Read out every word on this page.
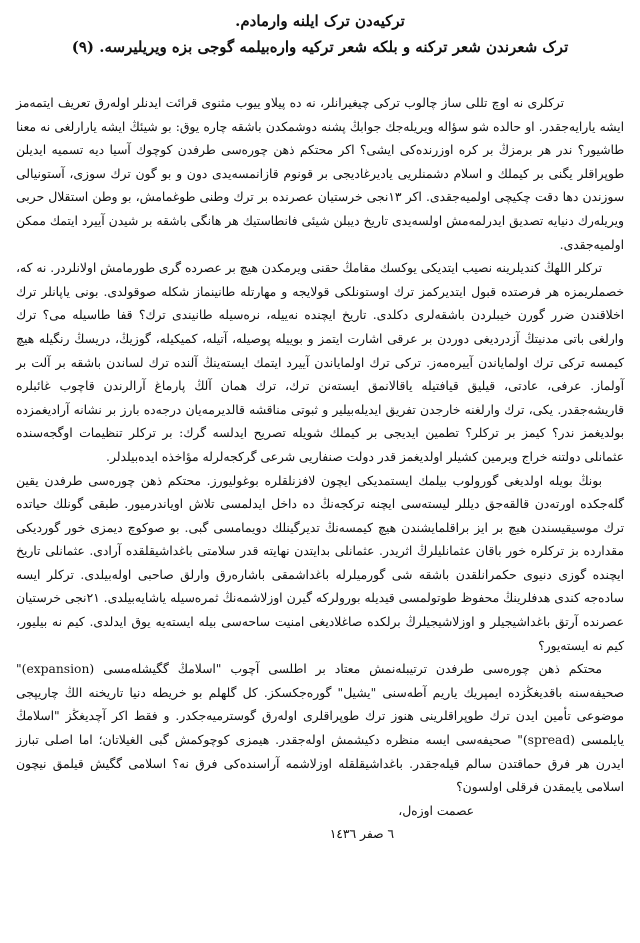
ترکیه‌دن ترک ایلنه وارمادم.
ترک شعرندن شعر ترکنه و بلکه شعر ترکیه وارە‌بیلمه گوجی بزه ویریلیرسه. (۹)

ترکلری نه اوچ تللی ساز چالوب ترکی چیغیرانلر، نه ده پیلاو ییوب مثنوی قرائت ایدنلر اولەرق تعریف ایتمه‌مز ایشه یارایه‌جقدر. او حالده شو سؤاله ویریله‌جك جوابڭ پشنه دوشمکدن باشقه چاره یوق: بو شیئڭ ایشه یارارلغی نه معنا طاشیور؟ ندر هر برمزڭ بر کره اوزرنده‌کی ایشی؟ اکر محتکم ذهن چوره‌سی طرفدن کوچوك آسیا دیه تسمیه ایدیلن طوپراقلر یگنی بر کیملك و اسلام دشمنلریی یادیرغادیجی بر قونوم قازانمسه‌یدی دون و بو گون ترك سوزی، آستونیالی سوزندن دها دقت چکیچی اولمیه‌جقدی. اکر ۱۳نجی خرستیان عصرنده بر ترك وطنی طوغمامش، بو وطن استقلال حربی ویریله‌رك دنیایه تصدیق ایدرلمه‌مش اولسه‌یدی تاریخ دیبلن شیئی فانطاستیك هر هانگی باشقه بر شیدن آییرد ایتمك ممکن اولمیه‌جقدی.

ترکلر اللهڭ کندیلرینه نصیب ایتدیکی یوکسك مقامڭ حقنی ویرمکدن هیچ بر عصرده گری طورمامش اولانلردر. نه که، خصملریمزه هر فرصتده قبول ایتدیرکمز ترك اوستونلکی قولایجه و مهارتله طانینماز شکله صوقولدی. بونی یاپانلر ترك اخلاقندن ضرر گورن خیبلردن باشقەلری دکلدی. تاریخ ایچنده نه‌ییله، نره‌سیله طانیندی ترك؟ قفا طاسیله می؟ ترك وارلغی باتی مدنیتڭ آزدردیغی دوردن بر عرقی اشارت ایتمز و بوییله پوصیله، آتیله، کمیکیله، گوزیڭ، دریسڭ رنگیله هیچ کیمسه ترکی ترك اولمایاندن آییره‌مەز. ترکی ترك اولمایاندن آییرد ایتمك ایسته‌ینڭ آلنده ترك لساندن باشقه بر آلت بر آولماز. عرفی، عادتی، قیلیق قیافتیله یاقالانمق ایسته‌نن ترك، ترك همان آلڭ پارماغ آرالرندن قاچوب غائبلره قاریشه‌جقدر. یکی، ترك وارلغنه خارجدن تفریق ایدیله‌بیلیر و ثبوتی مناقشه قالدیرمه‌یان درجه‌ده بارز بر نشانه آرادیغمزده بولدیغمز ندر؟ کیمز بر ترکلر؟ تطمین ایدیجی بر کیملك شویله تصریح ایدلسه گرك: بر ترکلر تنظیمات اوگجه‌سنده عثمانلی دولتنه خراج ویرمین کشیلر اولدیغمز قدر دولت صنفاریی شرعی گرکجه‌لرله مؤاخذه ایده‌بیلدلر.

بونڭ بویله اولدیغی گورولوب بیلمك ایستمدیکی ایچون لافزنلقلره بوغولیورز. محتکم ذهن چوره‌سی طرفدن یقین گله‌جکده اورته‌دن قالقه‌جق دیللر لیسته‌سی ایچنه ترکجه‌نڭ ده داخل ایدلمسی تلاش اویاندرمیور. طبقی گونلك حیاتده ترك موسیقیسندن هیچ بر ایز براقلمایشندن هیچ کیمسه‌نڭ تدیرگینلك دویمامسی گبی. بو صوكوچ دیمزی خور گوردیکی مقدارده بز ترکلره خور باقان عثمانلیلرڭ اثریدر. عثمانلی بدایتدن نهایته قدر سلامتی باغداشیقلقده آرادی. عثمانلی تاریخ ایچنده گوزی دنیوی حکمرانلقدن باشقه شی گورمیلرله باغداشمقی باشاره‌رق وارلق صاحبی اوله‌بیلدی. ترکلر ایسه ساده‌جه کندی هدفلرینڭ محفوظ طوتولمسی قیدیله بورولرکه گیرن اوزلاشمه‌نڭ ثمره‌سیله یاشایه‌بیلدی. ۲۱نجی خرستیان عصرنده آرتق باغداشیجیلر و اوزلاشیجیلرڭ برلکده صاغلادیغی امنیت ساحه‌سی بیله ایسته‌یه یوق ایدلدی. کیم نه بیلیور، کیم نه ایسته‌یور؟

محتکم ذهن چوره‌سی طرفدن ترتیبله‌نمش معتاد بر اطلسی آچوب "اسلامڭ گگیشلەمسی (expansion)" صحیفه‌سنه باقدیغڭزده ایمپریك یاریم آطه‌سنی "یشیل" گوره‌جکسکز. کل گلهلم بو خریطه دنیا تاریخنه الڭ چاریپجی موضوعی تأمین ایدن ترك طوپراقلرینی هنوز ترك طوپراقلری اولەرق گوسترمیه‌جکدر. و فقط اکر آچدیغڭز "اسلامڭ یایلمسی (spread)" صحیفه‌سی ایسه منظره دکیشمش اوله‌جقدر. هیمزی کوچوکمش گبی الغیلاتان؛ اما اصلی تبارز ایدرن هر فرق حماقتدن سالم قیله‌جقدر. باغداشیقلقله اوزلاشمه آراسنده‌کی فرق نه؟ اسلامی گگیش قیلمق نیچون اسلامی یایمقدن فرقلی اولسون؟

عصمت اوزەل،

٦ صفر ١٤٣٦
